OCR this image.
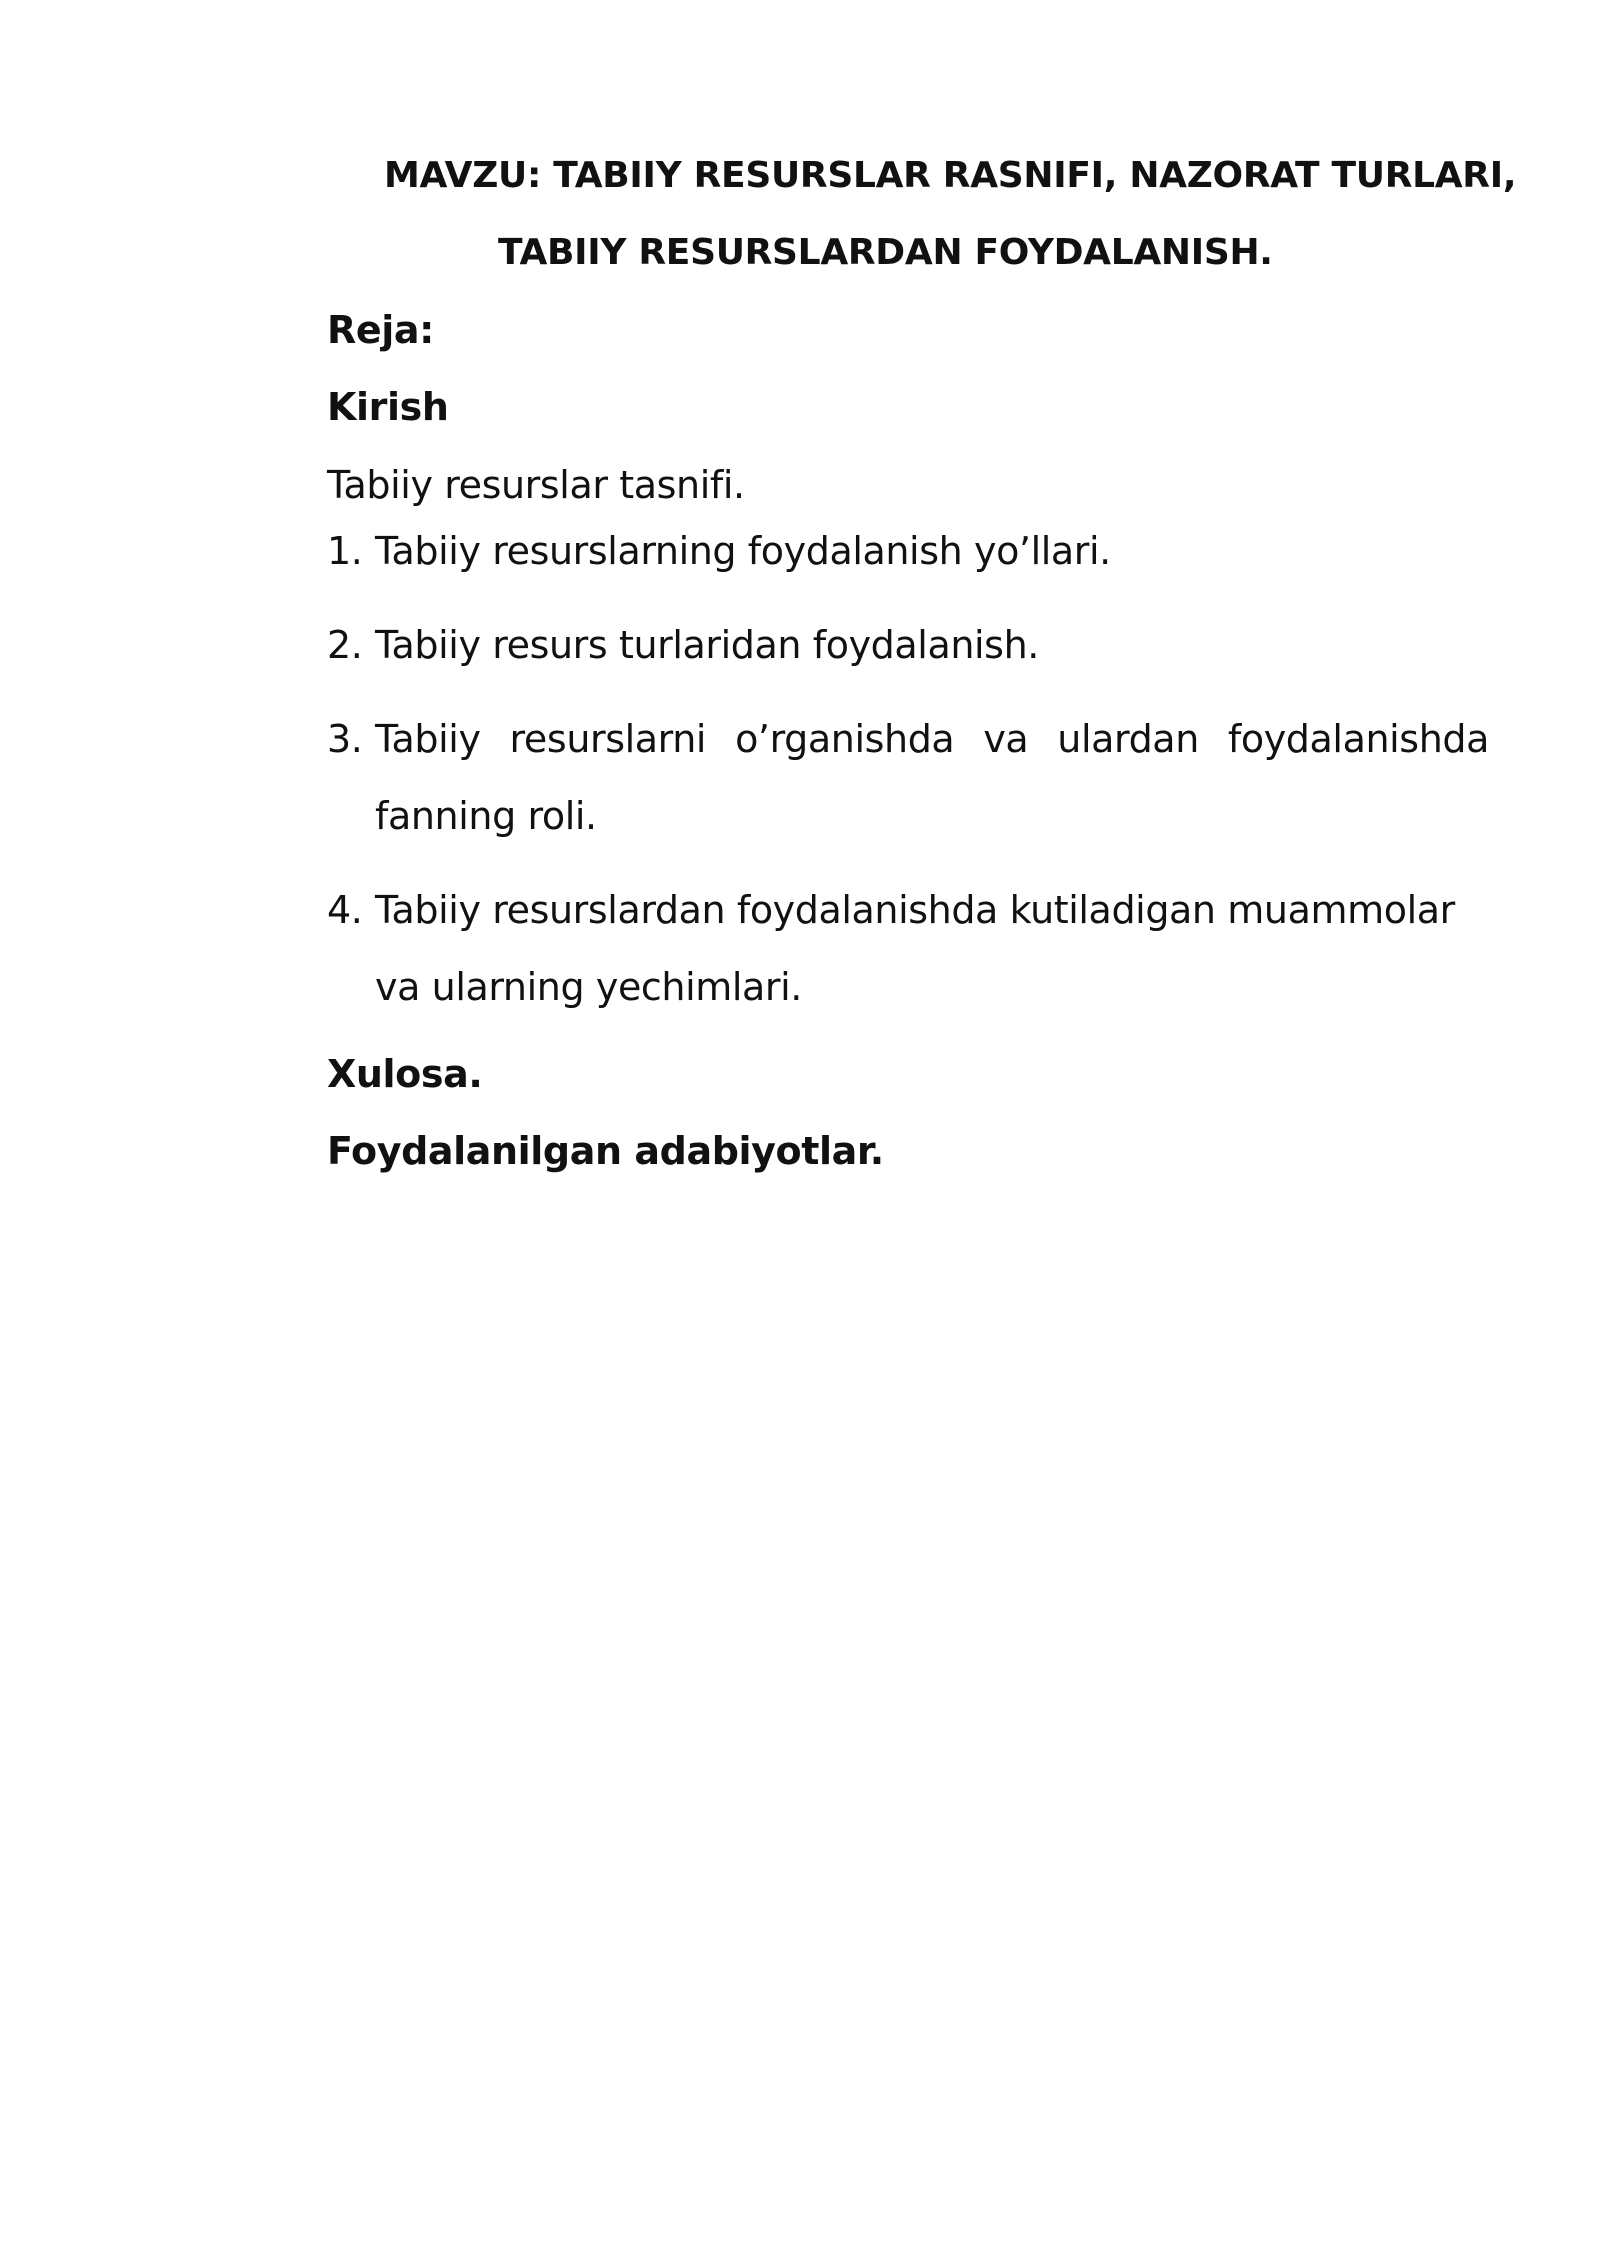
MAVZU: TABIIY RESURSLAR RASNIFI, NAZORAT TURLARI,
TABIIY RESURSLARDAN FOYDALANISH.
Reja:
Kirish
Tabiiy resurslar tasnifi.
1. Tabiiy resurslarning foydalanish yo’llari.
2. Tabiiy resurs turlaridan foydalanish.
3. Tabiiy resurslarni o’rganishda va ulardan foydalanishda fanning roli.
4. Tabiiy resurslardan foydalanishda kutiladigan muammolar va ularning yechimlari.
Xulosa.
Foydalanilgan adabiyotlar.
